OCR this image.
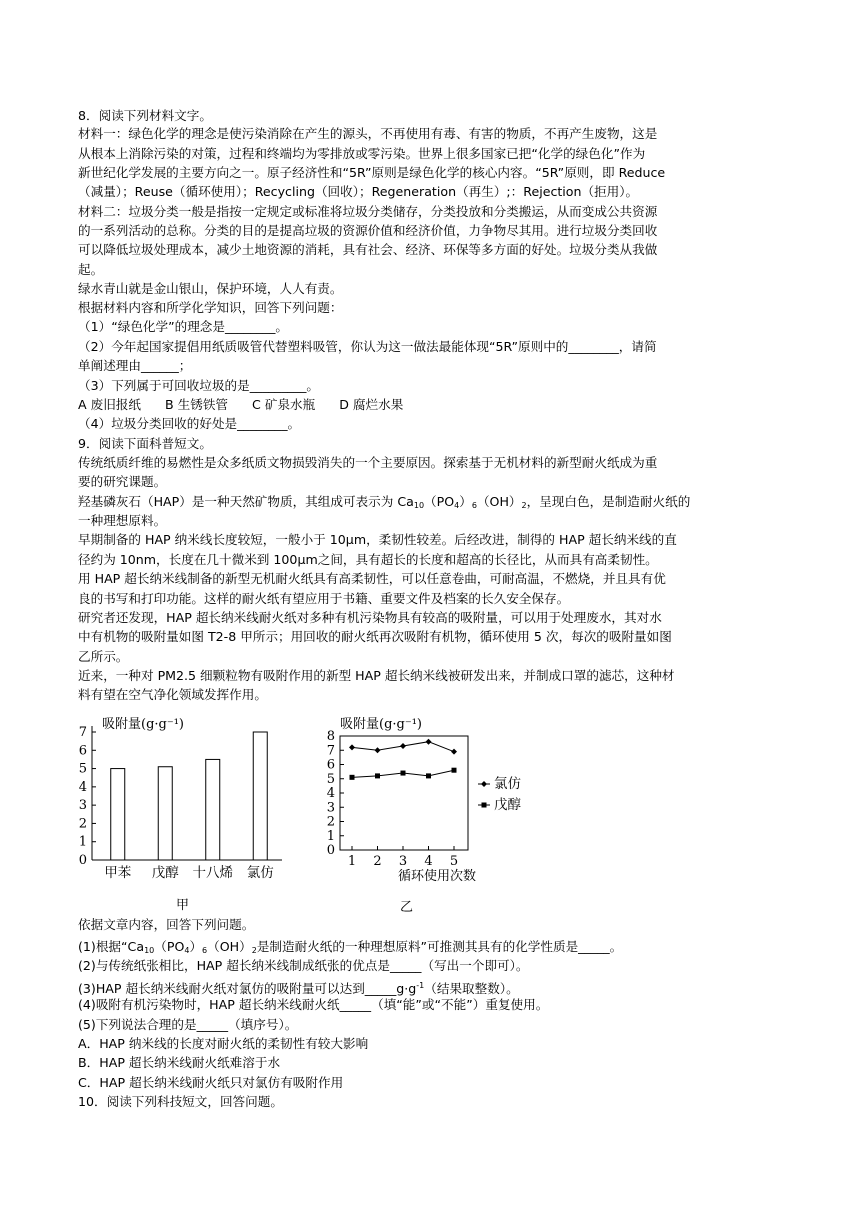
8．阅读下列材料文字。
材料一：绿色化学的理念是使污染消除在产生的源头，不再使用有毒、有害的物质，不再产生废物，这是
从根本上消除污染的对策，过程和终端均为零排放或零污染。世界上很多国家已把“化学的绿色化”作为
新世纪化学发展的主要方向之一。原子经济性和“5R”原则是绿色化学的核心内容。“5R”原则，即 Reduce
（减量）；Reuse（循环使用）；Recycling（回收）；Regeneration（再生）;：Rejection（拒用）。
材料二：垃圾分类一般是指按一定规定或标准将垃圾分类储存，分类投放和分类搬运，从而变成公共资源
的一系列活动的总称。分类的目的是提高垃圾的资源价值和经济价值，力争物尽其用。进行垃圾分类回收
可以降低垃圾处理成本，减少土地资源的消耗，具有社会、经济、环保等多方面的好处。垃圾分类从我做
起。
绿水青山就是金山银山，保护环境，人人有责。
根据材料内容和所学化学知识，回答下列问题：
（1）“绿色化学”的理念是________。
（2）今年起国家提倡用纸质吸管代替塑料吸管，你认为这一做法最能体现“5R”原则中的________，请简
单阐述理由______；
（3）下列属于可回收垃圾的是_________。
A 废旧报纸      B 生锈铁管      C 矿泉水瓶      D 腐烂水果
（4）垃圾分类回收的好处是________。
9．阅读下面科普短文。
传统纸质纤维的易燃性是众多纸质文物损毁消失的一个主要原因。探索基于无机材料的新型耐火纸成为重
要的研究课题。
羟基磷灰石（HAP）是一种天然矿物质，其组成可表示为 $Ca_{10}(PO_4)_6(OH)_2$，呈现白色，是制造耐火纸的
一种理想原料。
早期制备的 HAP 纳米线长度较短，一般小于 10μm，柔韧性较差。后经改进，制得的 HAP 超长纳米线的直
径约为 10nm，长度在几十微米到 100μm之间，具有超长的长度和超高的长径比，从而具有高柔韧性。
用 HAP 超长纳米线制备的新型无机耐火纸具有高柔韧性，可以任意卷曲，可耐高温，不燃烧，并且具有优
良的书写和打印功能。这样的耐火纸有望应用于书籍、重要文件及档案的长久安全保存。
研究者还发现，HAP 超长纳米线耐火纸对多种有机污染物具有较高的吸附量，可以用于处理废水，其对水
中有机物的吸附量如图 T2-8 甲所示；用回收的耐火纸再次吸附有机物，循环使用 5 次，每次的吸附量如图
乙所示。
近来，一种对 PM2.5 细颗粒物有吸附作用的新型 HAP 超长纳米线被研发出来，并制成口罩的滤芯，这种材
料有望在空气净化领域发挥作用。
吸附量(g·g⁻¹)
0
1
2
3
4
5
6
7
甲苯 戊醇 十八烯 氯仿
甲
吸附量(g·g⁻¹)
循环使用次数
0
1
2
3
4
5
6
7
8
1 2 3 4 5
氯仿
戊醇
乙
依据文章内容，回答下列问题。
(1)根据“$Ca_{10}(PO_4)_6(OH)_2$是制造耐火纸的一种理想原料”可推测其具有的化学性质是_____。
(2)与传统纸张相比，HAP 超长纳米线制成纸张的优点是_____（写出一个即可）。
(3)HAP 超长纳米线耐火纸对氯仿的吸附量可以达到$\_\_\_\_\_g\cdot g^{-1}$（结果取整数）。
(4)吸附有机污染物时，HAP 超长纳米线耐火纸_____（填“能”或“不能”）重复使用。
(5)下列说法合理的是_____（填序号）。
A．HAP 纳米线的长度对耐火纸的柔韧性有较大影响
B．HAP 超长纳米线耐火纸难溶于水
C．HAP 超长纳米线耐火纸只对氯仿有吸附作用
10．阅读下列科技短文，回答问题。
